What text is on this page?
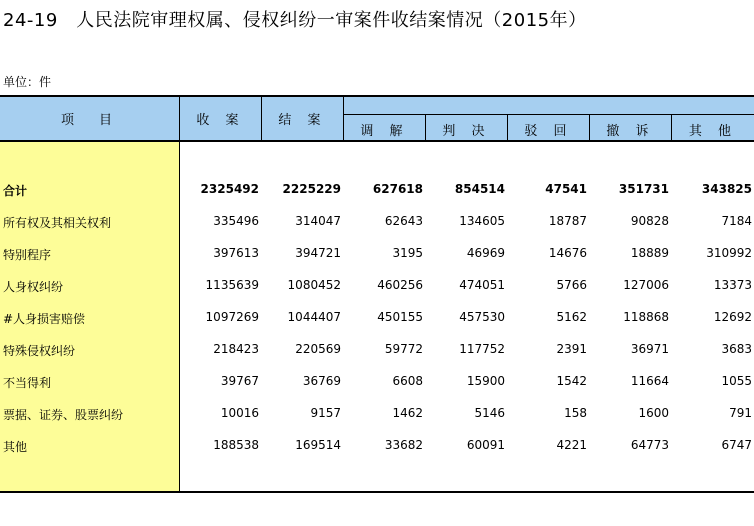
24-19　人民法院审理权属、侵权纠纷一审案件收结案情况（2015年）
单位：件
项　目	收 案	结 案
调 解	判 决	驳 回	撤 诉	其 他
合计	2325492	2225229	627618	854514	47541	351731	343825
所有权及其相关权利	335496	314047	62643	134605	18787	90828	7184
特别程序	397613	394721	3195	46969	14676	18889	310992
人身权纠纷	1135639	1080452	460256	474051	5766	127006	13373
#人身损害赔偿	1097269	1044407	450155	457530	5162	118868	12692
特殊侵权纠纷	218423	220569	59772	117752	2391	36971	3683
不当得利	39767	36769	6608	15900	1542	11664	1055
票据、证券、股票纠纷	10016	9157	1462	5146	158	1600	791
其他	188538	169514	33682	60091	4221	64773	6747
